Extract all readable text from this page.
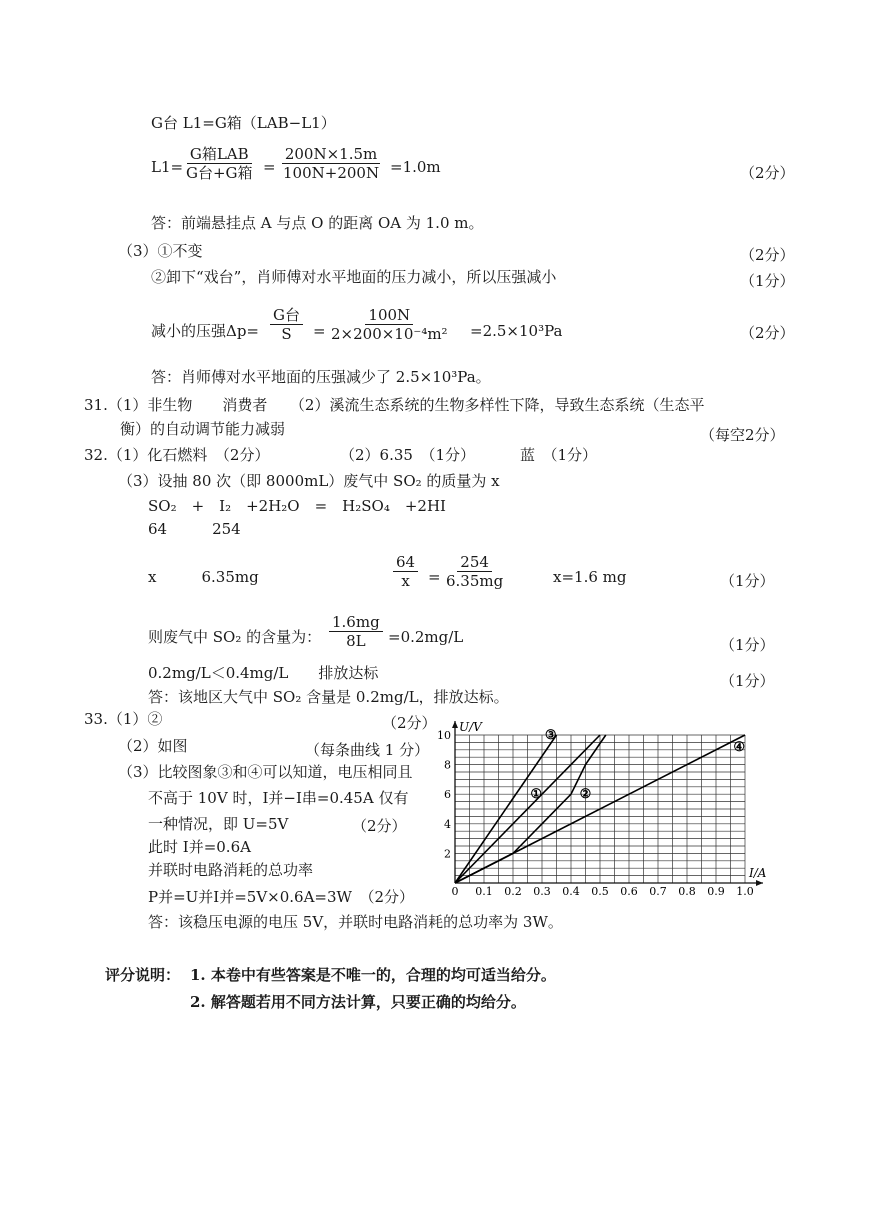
G台 L1=G箱（LAB−L1）
L1=
G箱LAB
G台+G箱 = $\frac{200N\times 1.5m}{100N+200N} =1.0m$	（2分）
答：前端悬挂点 A 与点 O 的距离 OA 为 1.0 m。
（3）①不变	（2分）
②卸下“戏台”，肖师傅对水平地面的压力减小，所以压强减小	（1分）
减小的压强Δp=
G台
$S = \frac{100N}{\text{2×200×10⁻⁴m²}} =2.5\times 10^3Pa$	（2分）
答：肖师傅对水平地面的压强减少了 2.5×10³Pa。
31.（1）非生物　　消费者　　（2）溪流生态系统的生物多样性下降，导致生态系统（生态平
衡）的自动调节能力减弱	（每空2分）
32.（1）化石燃料　（2分）	（2）6.35　（1分）	蓝　（1分）
（3）设抽 80 次（即 8000mL）废气中 SO₂ 的质量为 x
SO₂　+　I₂　+2H₂O　=　H₂SO₄　+2HI
64　　　254
x　　　6.35mg	$\frac{64}{x} = \frac{254}{6.35mg}$	x=1.6 mg	（1分）
则废气中 SO₂ 的含量为： $\frac{1.6mg}{8L} =0.2mg/L$	（1分）
0.2mg/L＜0.4mg/L　　排放达标	（1分）
答：该地区大气中 SO₂ 含量是 0.2mg/L，排放达标。
33.（1）②	（2分）
（2）如图	（每条曲线 1 分）
（3）比较图象③和④可以知道，电压相同且
不高于 10V 时，I并−I串=0.45A 仅有
一种情况，即 U=5V	（2分）
此时 I并=0.6A
并联时电路消耗的总功率
P并=U并I并=5V×0.6A=3W　（2分）
答：该稳压电源的电压 5V，并联时电路消耗的总功率为 3W。
U/V
I/A
0 0.1 0.2 0.3 0.4 0.5 0.6 0.7 0.8 0.9 1.0
2
4
6
8
10
①	②
③
④
评分说明： 1. 本卷中有些答案是不唯一的，合理的均可适当给分。
2. 解答题若用不同方法计算，只要正确的均给分。
